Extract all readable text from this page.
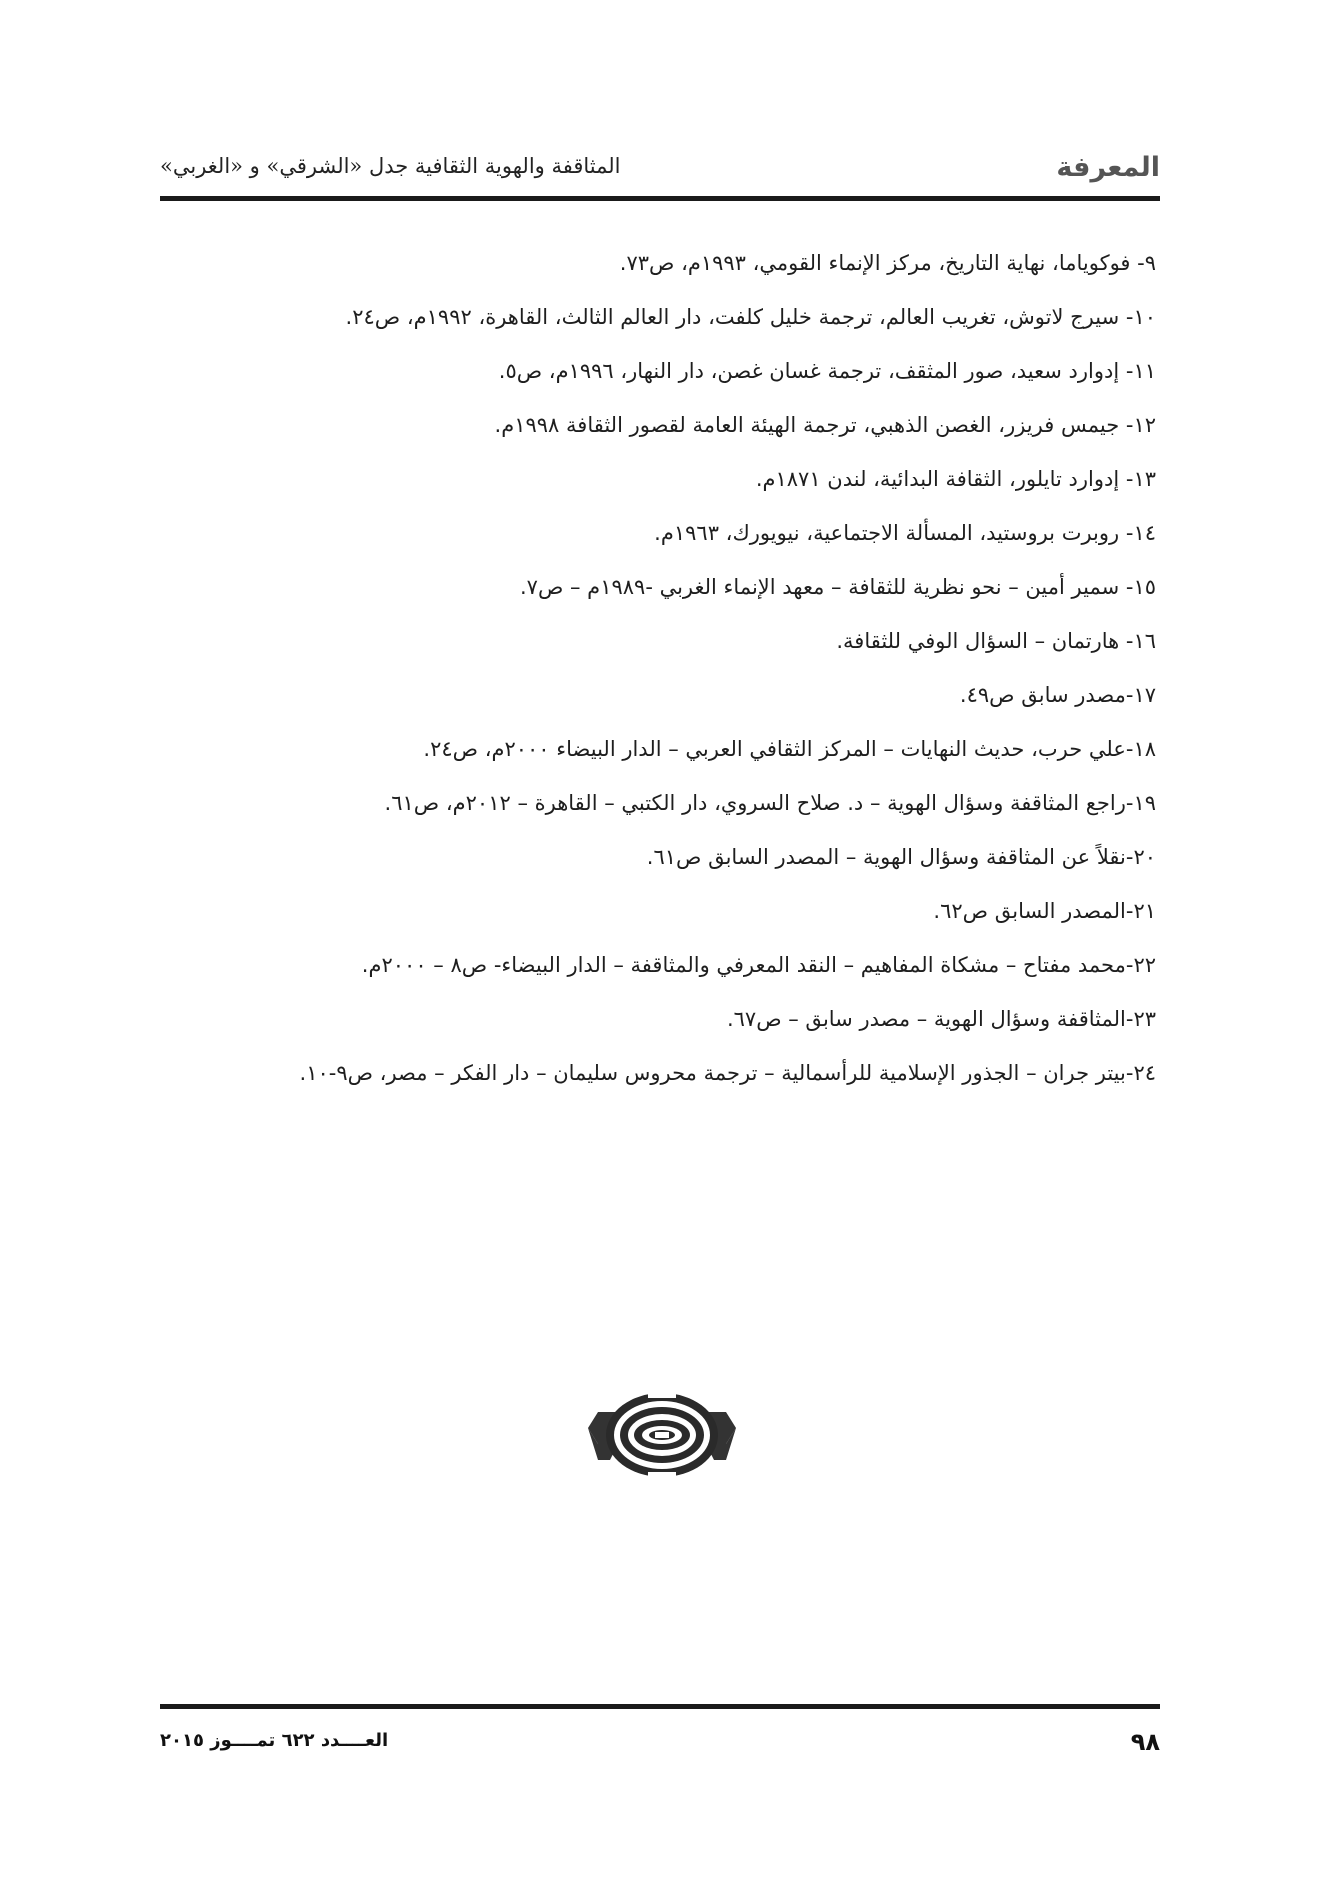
المعرفة
المثاقفة والهوية الثقافية جدل «الشرقي» و «الغربي»
٩- فوكوياما، نهاية التاريخ، مركز الإنماء القومي، ١٩٩٣م، ص٧٣.
١٠- سيرج لاتوش، تغريب العالم، ترجمة خليل كلفت، دار العالم الثالث، القاهرة، ١٩٩٢م، ص٢٤.
١١- إدوارد سعيد، صور المثقف، ترجمة غسان غصن، دار النهار، ١٩٩٦م، ص٥.
١٢- جيمس فريزر، الغصن الذهبي، ترجمة الهيئة العامة لقصور الثقافة ١٩٩٨م.
١٣- إدوارد تايلور، الثقافة البدائية، لندن ١٨٧١م.
١٤- روبرت بروستيد، المسألة الاجتماعية، نيويورك، ١٩٦٣م.
١٥- سمير أمين – نحو نظرية للثقافة – معهد الإنماء الغربي -١٩٨٩م – ص٧.
١٦- هارتمان – السؤال الوفي للثقافة.
١٧-مصدر سابق ص٤٩.
١٨-علي حرب، حديث النهايات – المركز الثقافي العربي – الدار البيضاء ٢٠٠٠م، ص٢٤.
١٩-راجع المثاقفة وسؤال الهوية – د. صلاح السروي، دار الكتبي – القاهرة – ٢٠١٢م، ص٦١.
٢٠-نقلاً عن المثاقفة وسؤال الهوية – المصدر السابق ص٦١.
٢١-المصدر السابق ص٦٢.
٢٢-محمد مفتاح – مشكاة المفاهيم – النقد المعرفي والمثاقفة – الدار البيضاء- ص٨ – ٢٠٠٠م.
٢٣-المثاقفة وسؤال الهوية – مصدر سابق – ص٦٧.
٢٤-بيتر جران – الجذور الإسلامية للرأسمالية – ترجمة محروس سليمان – دار الفكر – مصر، ص٩-١٠.
٩٨
العــــدد ٦٢٢ تمــــوز ٢٠١٥
